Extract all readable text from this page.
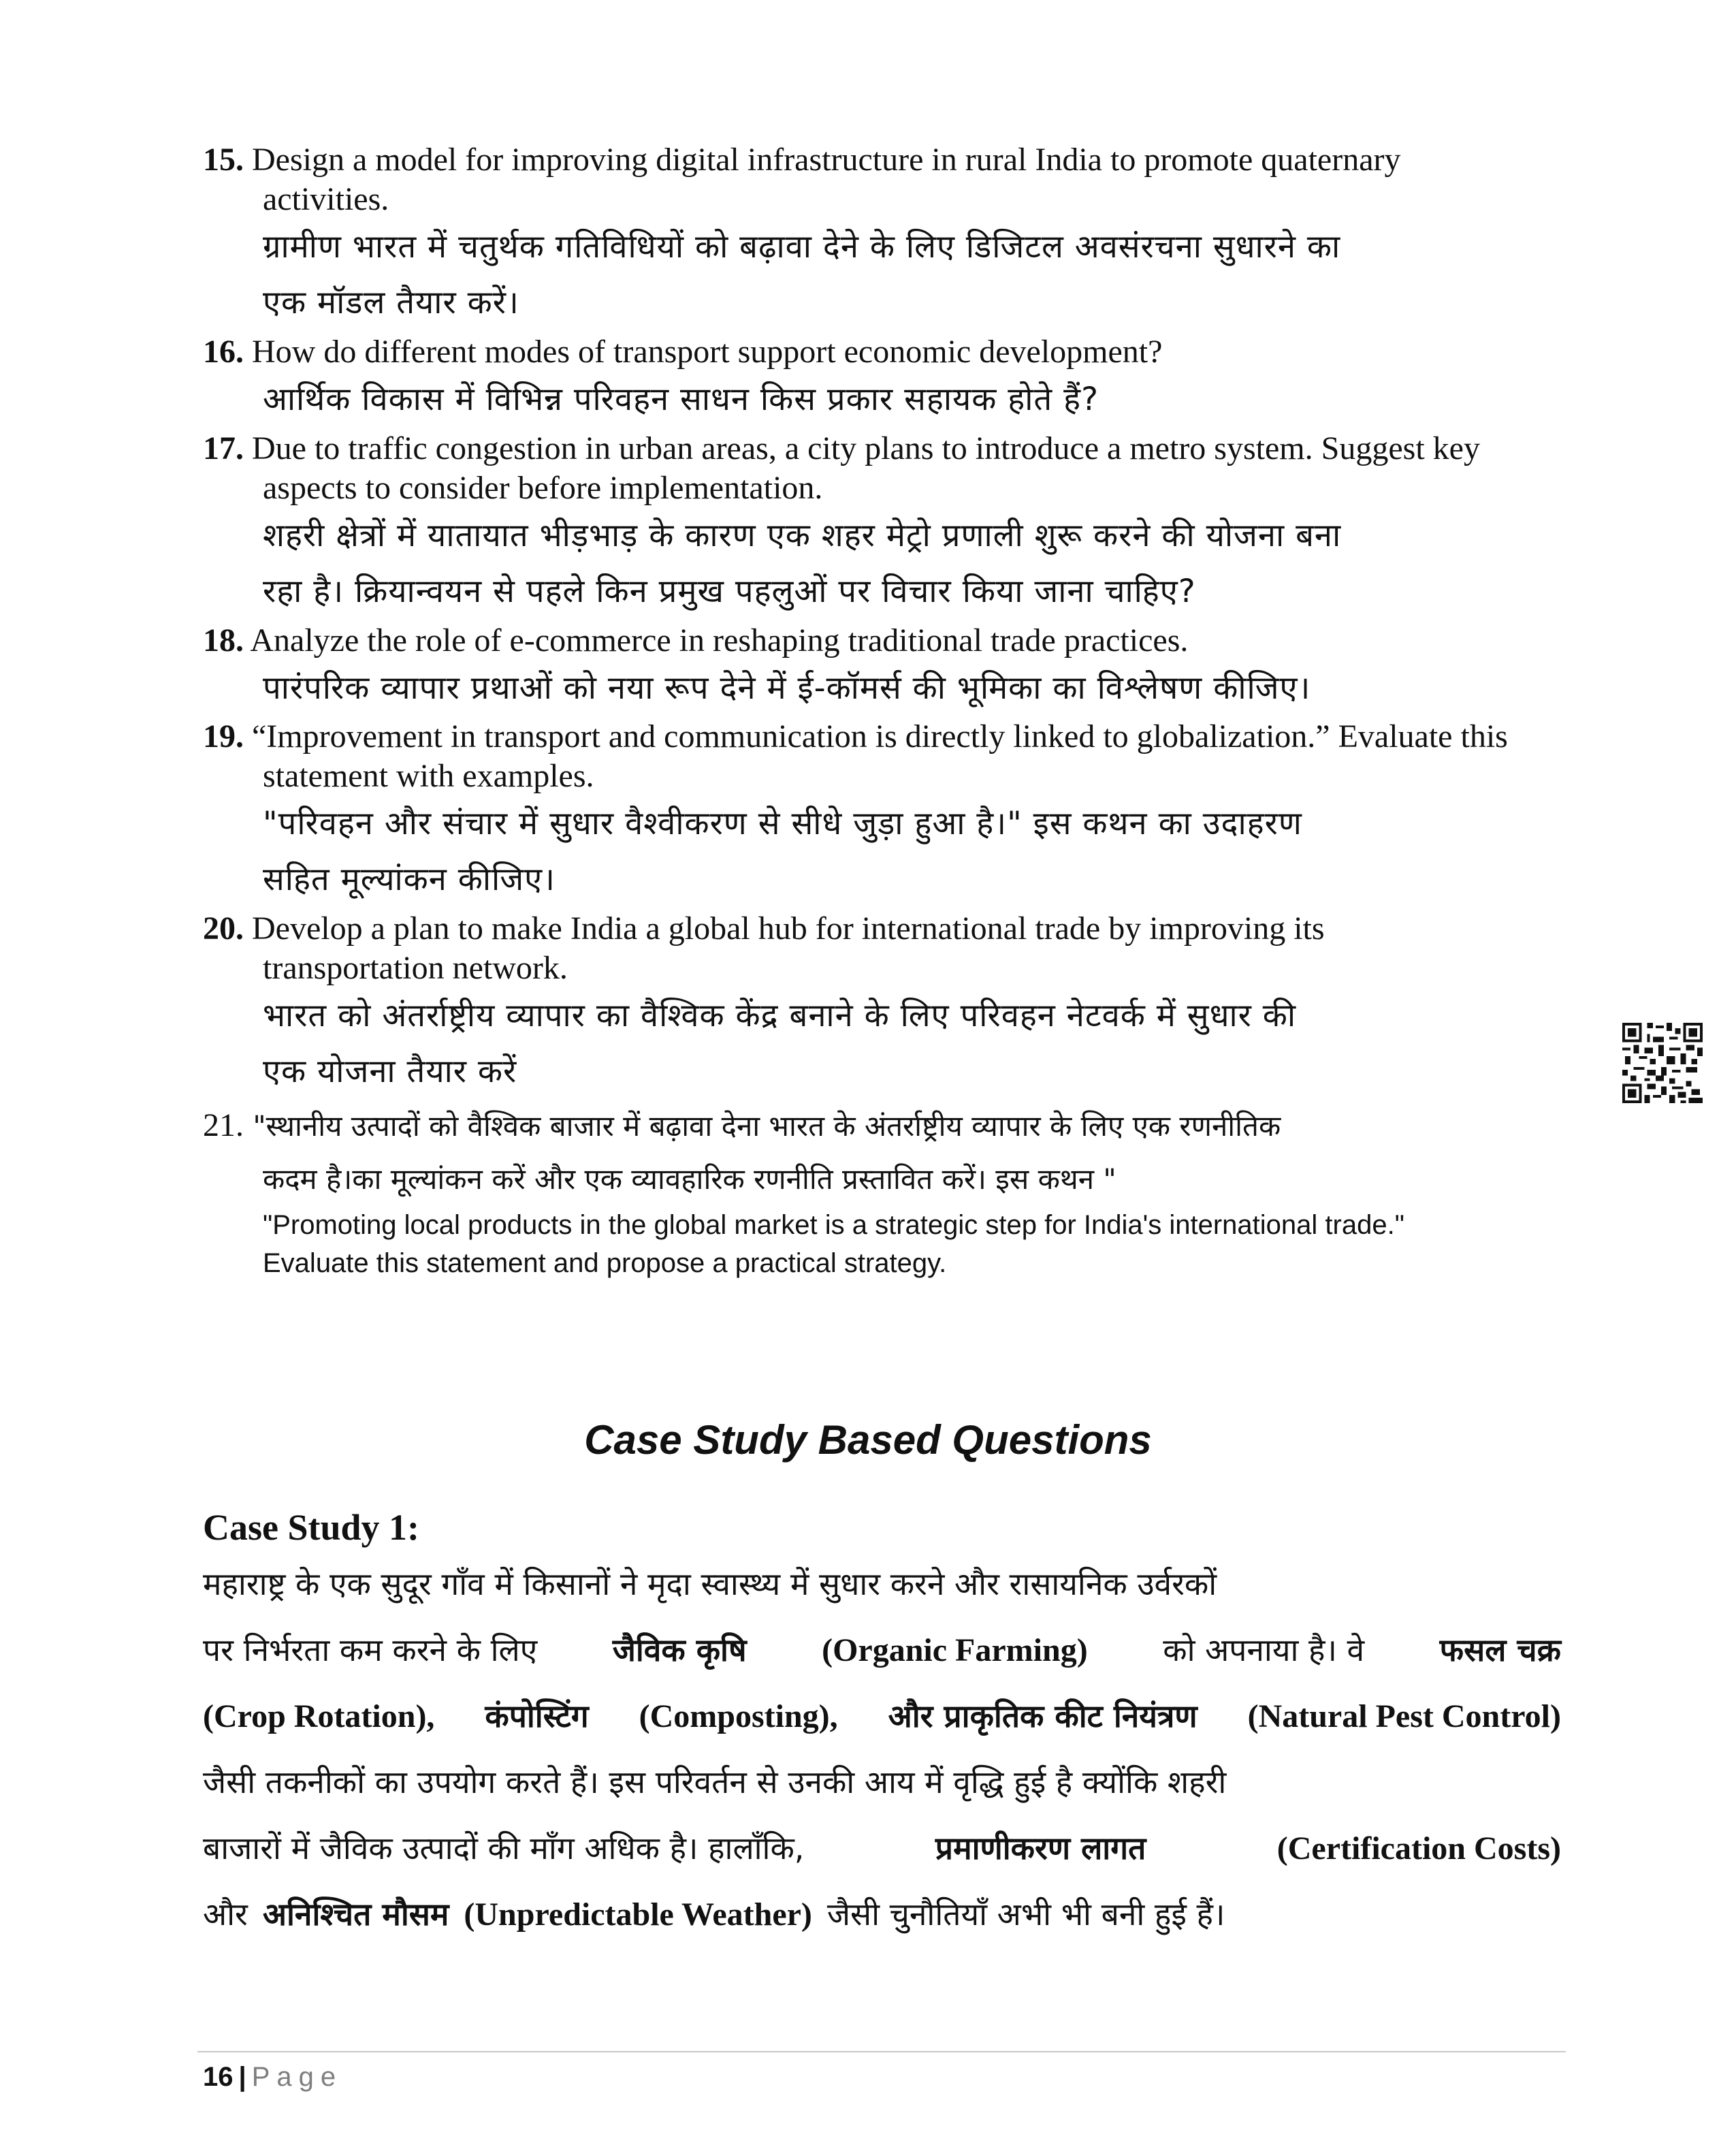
15. Design a model for improving digital infrastructure in rural India to promote quaternary

activities.

ग्रामीण भारत में चतुर्थक गतिविधियों को बढ़ावा देने के लिए डिजिटल अवसंरचना सुधारने का

एक मॉडल तैयार करें।

16. How do different modes of transport support economic development?

आर्थिक विकास में विभिन्न परिवहन साधन किस प्रकार सहायक होते हैं?

17. Due to traffic congestion in urban areas, a city plans to introduce a metro system. Suggest key

aspects to consider before implementation.

शहरी क्षेत्रों में यातायात भीड़भाड़ के कारण एक शहर मेट्रो प्रणाली शुरू करने की योजना बना

रहा है। क्रियान्वयन से पहले किन प्रमुख पहलुओं पर विचार किया जाना चाहिए?

18. Analyze the role of e-commerce in reshaping traditional trade practices.

पारंपरिक व्यापार प्रथाओं को नया रूप देने में ई-कॉमर्स की भूमिका का विश्लेषण कीजिए।

19. “Improvement in transport and communication is directly linked to globalization.” Evaluate this

statement with examples.

"परिवहन और संचार में सुधार वैश्वीकरण से सीधे जुड़ा हुआ है।" इस कथन का उदाहरण

सहित मूल्यांकन कीजिए।

20. Develop a plan to make India a global hub for international trade by improving its

transportation network.

भारत को अंतर्राष्ट्रीय व्यापार का वैश्विक केंद्र बनाने के लिए परिवहन नेटवर्क में सुधार की

एक योजना तैयार करें

21. "स्थानीय उत्पादों को वैश्विक बाजार में बढ़ावा देना भारत के अंतर्राष्ट्रीय व्यापार के लिए एक रणनीतिक

कदम है।का मूल्यांकन करें और एक व्यावहारिक रणनीति प्रस्तावित करें। इस कथन "

"Promoting local products in the global market is a strategic step for India's international trade."

Evaluate this statement and propose a practical strategy.

Case Study Based Questions

Case Study 1:

महाराष्ट्र के एक सुदूर गाँव में किसानों ने मृदा स्वास्थ्य में सुधार करने और रासायनिक उर्वरकों

पर निर्भरता कम करने के लिए जैविक कृषि (Organic Farming) को अपनाया है। वे फसल चक्र

(Crop Rotation), कंपोस्टिंग (Composting), और प्राकृतिक कीट नियंत्रण (Natural Pest Control)

जैसी तकनीकों का उपयोग करते हैं। इस परिवर्तन से उनकी आय में वृद्धि हुई है क्योंकि शहरी

बाजारों में जैविक उत्पादों की माँग अधिक है। हालाँकि,	प्रमाणीकरण लागत	(Certification Costs)

और अनिश्चित मौसम (Unpredictable Weather) जैसी चुनौतियाँ अभी भी बनी हुई हैं।

16 | Page
